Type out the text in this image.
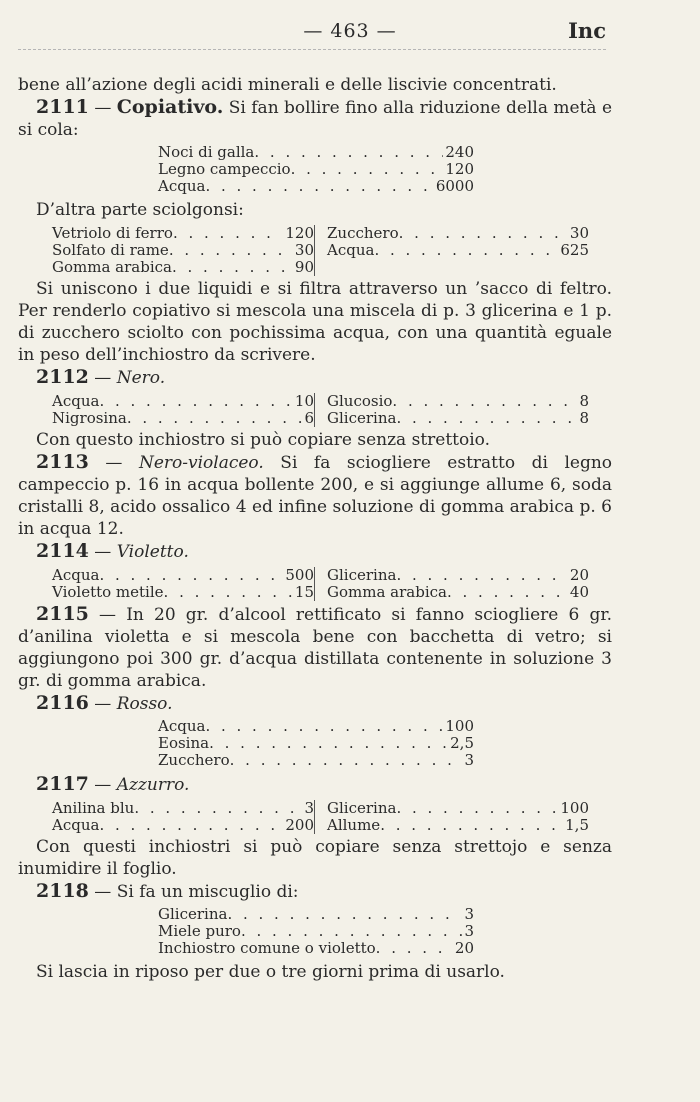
— 463 —	Inc

bene all’azione degli acidi minerali e delle liscivie concentrati.

2111 — Copiativo. Si fan bollire fino alla riduzione della metà e si cola:

Noci di galla . . .	240
Legno campeccio . . .	120
Acqua . . .	6000

D’altra parte sciolgonsi:

Vetriolo di ferro . . .	120
Solfato di rame . . .	30
Gomma arabica . . .	90
Zucchero . . .	30
Acqua . . .	625

Si uniscono i due liquidi e si filtra attraverso un ’sacco di feltro. Per renderlo copiativo si mescola una miscela di p. 3 glicerina e 1 p. di zucchero sciolto con pochissima acqua, con una quantità eguale in peso dell’inchiostro da scrivere.

2112 — Nero.

Acqua . . .	10
Nigrosina . . .	6
Glucosio . . .	8
Glicerina . . .	8

Con questo inchiostro si può copiare senza strettoio.

2113 — Nero-violaceo. Si fa sciogliere estratto di legno campeccio p. 16 in acqua bollente 200, e si aggiunge allume 6, soda cristalli 8, acido ossalico 4 ed infine soluzione di gomma arabica p. 6 in acqua 12.

2114 — Violetto.

Acqua . . .	500
Violetto metile . . .	15
Glicerina . . .	20
Gomma arabica . . .	40

2115 — In 20 gr. d’alcool rettificato si fanno sciogliere 6 gr. d’anilina violetta e si mescola bene con bacchetta di vetro; si aggiungono poi 300 gr. d’acqua distillata contenente in soluzione 3 gr. di gomma arabica.

2116 — Rosso.

Acqua . . .	100
Eosina . . .	2,5
Zucchero . . .	3

2117 — Azzurro.

Anilina blu . . .	3
Acqua . . .	200
Glicerina . . .	100
Allume . . .	1,5

Con questi inchiostri si può copiare senza strettojo e senza inumidire il foglio.

2118 — Si fa un miscuglio di:

Glicerina . . .	3
Miele puro . . .	3
Inchiostro comune o violetto . . .	20

Si lascia in riposo per due o tre giorni prima di usarlo.
